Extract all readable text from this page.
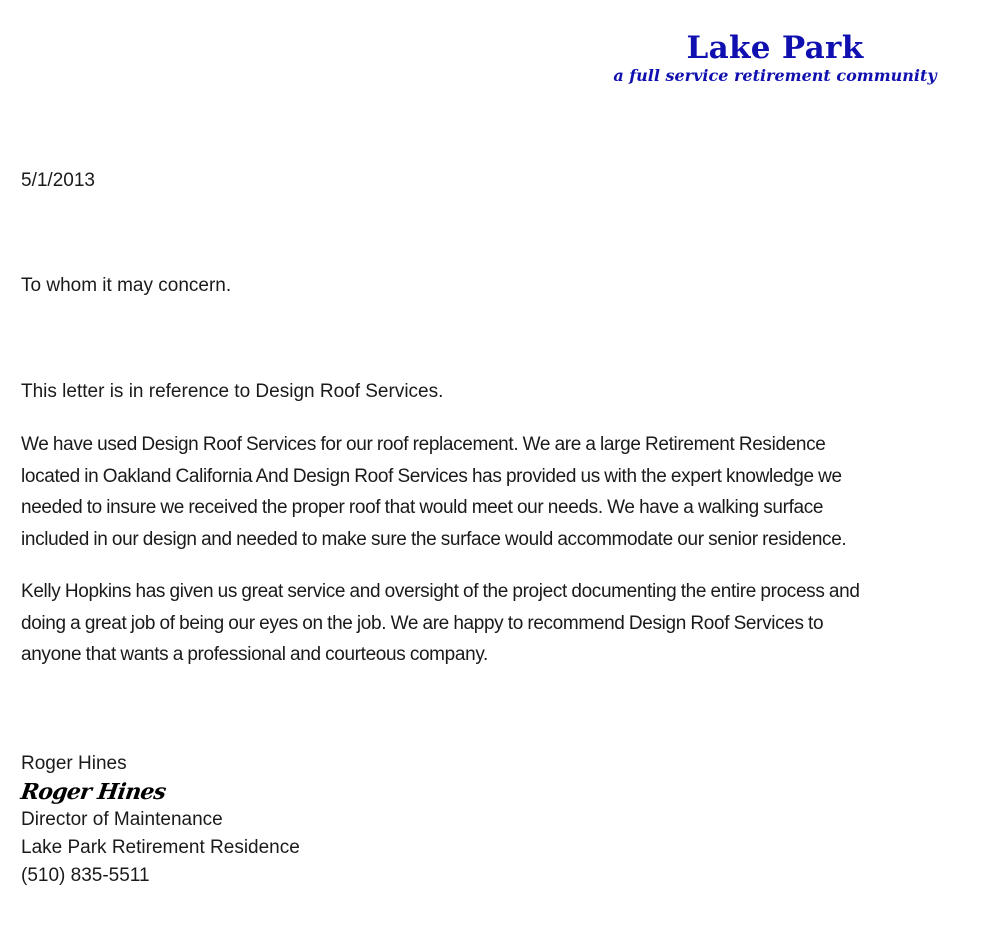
Lake Park
a full service retirement community
5/1/2013
To whom it may concern.
This letter is in reference to Design Roof Services.
We have used Design Roof Services for our roof replacement. We are a large Retirement Residence
located in Oakland California And Design Roof Services has provided us with the expert knowledge we
needed to insure we received the proper roof that would meet our needs. We have a walking surface
included in our design and needed to make sure the surface would accommodate our senior residence.
Kelly Hopkins has given us great service and oversight of the project documenting the entire process and
doing a great job of being our eyes on the job. We are happy to recommend Design Roof Services to
anyone that wants a professional and courteous company.
Roger Hines
Roger Hines
Director of Maintenance
Lake Park Retirement Residence
(510) 835-5511
